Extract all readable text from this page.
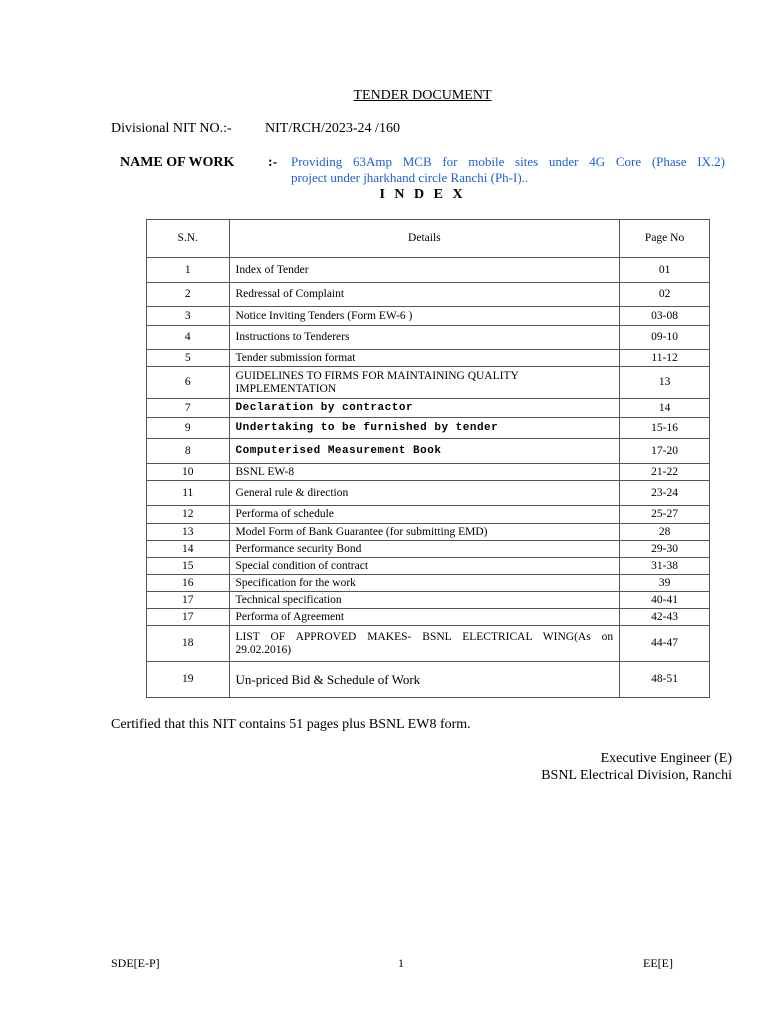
TENDER DOCUMENT
Divisional NIT NO.:- NIT/RCH/2023-24 /160
NAME OF WORK :- Providing 63Amp MCB for mobile sites under 4G Core (Phase IX.2)
project under jharkhand circle Ranchi (Ph-I)..
I N D E X
S.N.	Details	Page No
1	Index of Tender	01
2	Redressal of Complaint	02
3	Notice Inviting Tenders (Form EW-6 )	03-08
4	Instructions to Tenderers	09-10
5	Tender submission format	11-12
6	GUIDELINES TO FIRMS FOR MAINTAINING QUALITY IMPLEMENTATION	13
7	Declaration by contractor	14
9	Undertaking to be furnished by tender	15-16
8	Computerised Measurement Book	17-20
10	BSNL EW-8	21-22
11	General rule & direction	23-24
12	Performa of schedule	25-27
13	Model Form of Bank Guarantee (for submitting EMD)	28
14	Performance security Bond	29-30
15	Special condition of contract	31-38
16	Specification for the work	39
17	Technical specification	40-41
17	Performa of Agreement	42-43
18	LIST OF APPROVED MAKES- BSNL ELECTRICAL WING(As on 29.02.2016)	44-47
19	Un-priced Bid & Schedule of Work	48-51
Certified that this NIT contains 51 pages plus BSNL EW8 form.
Executive Engineer (E)
BSNL Electrical Division, Ranchi
SDE[E-P]	1	EE[E]
